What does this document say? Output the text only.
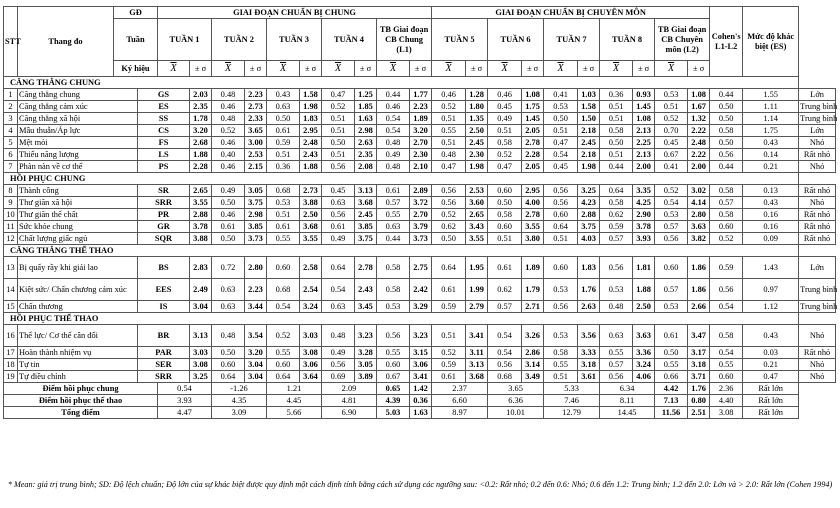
STT	Thang đo	GĐ		GIAI ĐOẠN CHUẨN BỊ CHUNG										GIAI ĐOẠN CHUẨN BỊ CHUYÊN MÔN										Cohen's L1-L2	Mức độ khác biệt (ES)	
		Tuần		TUẦN 1		TUẦN 2		TUẦN 3		TUẦN 4		TB Giai đoạn CB Chung (L1)		TUẦN 5		TUẦN 6		TUẦN 7		TUẦN 8		TB Giai đoạn CB Chuyên môn (L2)				
		Ký hiệu		$\overline{X}$	± σ	$\overline{X}$	± σ	$\overline{X}$	± σ	$\overline{X}$	± σ	$\overline{X}$	± σ	$\overline{X}$	± σ	$\overline{X}$	± σ	$\overline{X}$	± σ	$\overline{X}$	± σ	$\overline{X}$	± σ			
CĂNG THẲNG CHUNG																										
1	Căng thẳng chung		GS		2.03	0.48	2.23	0.43	1.58	0.47	1.25	0.44	1.77	0.46	1.28	0.46	1.08	0.41	1.03	0.36	0.93	0.53	1.08	0.44	1.55	Lớn
2	Căng thẳng cảm xúc		ES		2.35	0.46	2.73	0.63	1.98	0.52	1.85	0.46	2.23	0.52	1.80	0.45	1.75	0.53	1.58	0.51	1.45	0.51	1.67	0.50	1.11	Trung bình
3	Căng thẳng xã hội		SS		1.78	0.48	2.33	0.50	1.83	0.51	1.63	0.54	1.89	0.51	1.35	0.49	1.45	0.50	1.50	0.51	1.08	0.52	1.32	0.50	1.14	Trung bình
4	Mâu thuẫn/Áp lực		CS		3.20	0.52	3.65	0.61	2.95	0.51	2.98	0.54	3.20	0.55	2.50	0.51	2.05	0.51	2.18	0.58	2.13	0.70	2.22	0.58	1.75	Lớn
5	Mệt mỏi		FS		2.68	0.46	3.00	0.59	2.48	0.50	2.63	0.48	2.70	0.51	2.45	0.58	2.78	0.47	2.45	0.50	2.25	0.45	2.48	0.50	0.43	Nhỏ
6	Thiếu năng lượng		LS		1.88	0.40	2.53	0.51	2.43	0.51	2.35	0.49	2.30	0.48	2.30	0.52	2.28	0.54	2.18	0.51	2.13	0.67	2.22	0.56	0.14	Rất nhỏ
7	Phàn nàn về cơ thể		PS		2.28	0.46	2.15	0.36	1.88	0.56	2.08	0.48	2.10	0.47	1.98	0.47	2.05	0.45	1.98	0.44	2.00	0.41	2.00	0.44	0.21	Nhỏ
HỒI PHỤC CHUNG																										
8	Thành công		SR		2.65	0.49	3.05	0.68	2.73	0.45	3.13	0.61	2.89	0.56	2.53	0.60	2.95	0.56	3.25	0.64	3.35	0.52	3.02	0.58	0.13	Rất nhỏ
9	Thư giãn xã hội		SRR		3.55	0.50	3.75	0.53	3.88	0.63	3.68	0.57	3.72	0.56	3.60	0.50	4.00	0.56	4.23	0.58	4.25	0.54	4.14	0.57	0.43	Nhỏ
10	Thư giãn thể chất		PR		2.88	0.46	2.98	0.51	2.50	0.56	2.45	0.55	2.70	0.52	2.65	0.58	2.78	0.60	2.88	0.62	2.90	0.53	2.80	0.58	0.16	Rất nhỏ
11	Sức khỏe chung		GR		3.78	0.61	3.85	0.61	3.68	0.61	3.85	0.63	3.79	0.62	3.43	0.60	3.55	0.64	3.75	0.59	3.78	0.57	3.63	0.60	0.16	Rất nhỏ
12	Chất lượng giấc ngủ		SQR		3.88	0.50	3.73	0.55	3.55	0.49	3.75	0.44	3.73	0.50	3.55	0.51	3.80	0.51	4.03	0.57	3.93	0.56	3.82	0.52	0.09	Rất nhỏ
CĂNG THẲNG THỂ THAO																										
13	Bị quấy rầy khi giải lao		BS		2.83	0.72	2.80	0.60	2.58	0.64	2.78	0.58	2.75	0.64	1.95	0.61	1.89	0.60	1.83	0.56	1.81	0.60	1.86	0.59	1.43	Lớn
14	Kiệt sức/ Chấn chương cảm xúc		EES		2.49	0.63	2.23	0.68	2.54	0.54	2.43	0.58	2.42	0.61	1.99	0.62	1.79	0.53	1.76	0.53	1.88	0.57	1.86	0.56	0.97	Trung bình
15	Chấn thương		IS		3.04	0.63	3.44	0.54	3.24	0.63	3.45	0.53	3.29	0.59	2.79	0.57	2.71	0.56	2.63	0.48	2.50	0.53	2.66	0.54	1.12	Trung bình
HỒI PHỤC THỂ THAO																										
16	Thể lực/ Cơ thể cân đối		BR		3.13	0.48	3.54	0.52	3.03	0.48	3.23	0.56	3.23	0.51	3.41	0.54	3.26	0.53	3.56	0.63	3.63	0.61	3.47	0.58	0.43	Nhỏ
17	Hoàn thành nhiệm vụ		PAR		3.03	0.50	3.20	0.55	3.08	0.49	3.28	0.55	3.15	0.52	3.11	0.54	2.86	0.58	3.33	0.55	3.36	0.50	3.17	0.54	0.03	Rất nhỏ
18	Tự tin		SER		3.08	0.60	3.04	0.60	3.06	0.56	3.05	0.60	3.06	0.59	3.13	0.56	3.14	0.55	3.18	0.57	3.24	0.55	3.18	0.55	0.21	Nhỏ
19	Tự điều chỉnh		SRR		3.25	0.64	3.04	0.64	3.64	0.69	3.89	0.67	3.41	0.61	3.68	0.68	3.49	0.51	3.61	0.56	4.06	0.66	3.71	0.60	0.47	Nhỏ
Điểm hồi phục chung				0.54		-1.26		1.21		2.09		0.65	1.42	2.37		3.65		5.33		6.34		4.42	1.76	2.36	Rất lớn	
Điểm hồi phục thể thao				3.93		4.35		4.45		4.81		4.39	0.36	6.60		6.36		7.46		8.11		7.13	0.80	4.40	Rất lớn	
Tổng điểm				4.47		3.09		5.66		6.90		5.03	1.63	8.97		10.01		12.79		14.45		11.56	2.51	3.08	Rất lớn	
* Mean: giá trị trung bình; SD: Độ lệch chuẩn; Độ lớn của sự khác biệt được quy định một cách định tính bằng cách sử dụng các ngưỡng sau: <0.2: Rất nhỏ; 0.2 đến 0.6: Nhỏ; 0.6 đến 1.2: Trung bình; 1.2 đến 2.0: Lớn và > 2.0: Rất lớn (Cohen 1994)
